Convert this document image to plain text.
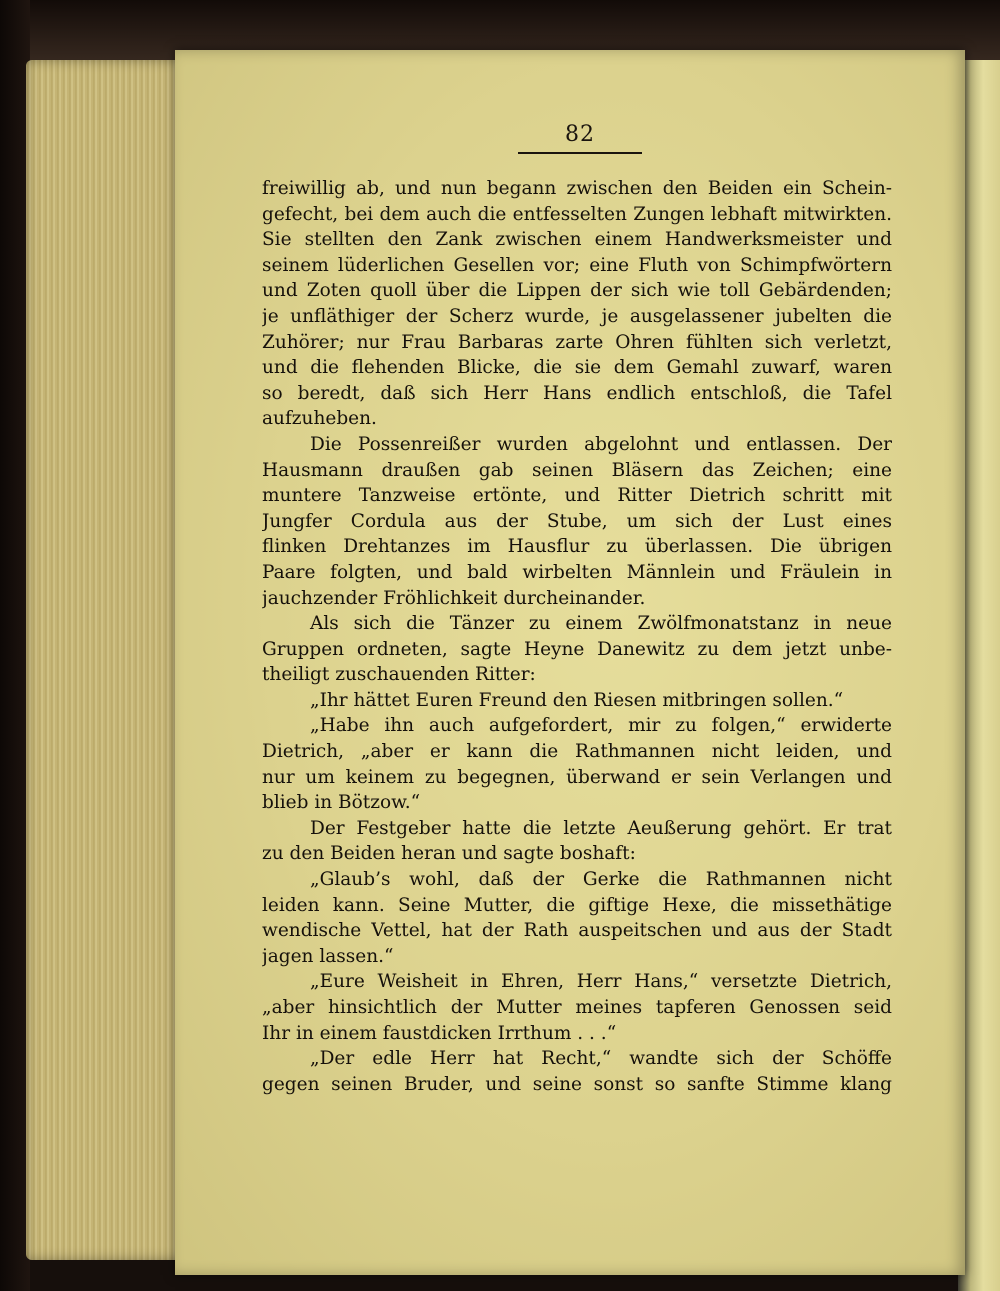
82
freiwillig ab, und nun begann zwischen den Beiden ein Schein-
gefecht, bei dem auch die entfesselten Zungen lebhaft mitwirkten.
Sie stellten den Zank zwischen einem Handwerksmeister und
seinem lüderlichen Gesellen vor; eine Fluth von Schimpfwörtern
und Zoten quoll über die Lippen der sich wie toll Gebärdenden;
je unfläthiger der Scherz wurde, je ausgelassener jubelten die
Zuhörer; nur Frau Barbaras zarte Ohren fühlten sich verletzt,
und die flehenden Blicke, die sie dem Gemahl zuwarf, waren
so beredt, daß sich Herr Hans endlich entschloß, die Tafel
aufzuheben.
Die Possenreißer wurden abgelohnt und entlassen. Der
Hausmann draußen gab seinen Bläsern das Zeichen; eine
muntere Tanzweise ertönte, und Ritter Dietrich schritt mit
Jungfer Cordula aus der Stube, um sich der Lust eines
flinken Drehtanzes im Hausflur zu überlassen. Die übrigen
Paare folgten, und bald wirbelten Männlein und Fräulein in
jauchzender Fröhlichkeit durcheinander.
Als sich die Tänzer zu einem Zwölfmonatstanz in neue
Gruppen ordneten, sagte Heyne Danewitz zu dem jetzt unbe-
theiligt zuschauenden Ritter:
„Ihr hättet Euren Freund den Riesen mitbringen sollen.“
„Habe ihn auch aufgefordert, mir zu folgen,“ erwiderte
Dietrich, „aber er kann die Rathmannen nicht leiden, und
nur um keinem zu begegnen, überwand er sein Verlangen und
blieb in Bötzow.“
Der Festgeber hatte die letzte Aeußerung gehört. Er trat
zu den Beiden heran und sagte boshaft:
„Glaub’s wohl, daß der Gerke die Rathmannen nicht
leiden kann. Seine Mutter, die giftige Hexe, die missethätige
wendische Vettel, hat der Rath auspeitschen und aus der Stadt
jagen lassen.“
„Eure Weisheit in Ehren, Herr Hans,“ versetzte Dietrich,
„aber hinsichtlich der Mutter meines tapferen Genossen seid
Ihr in einem faustdicken Irrthum . . .“
„Der edle Herr hat Recht,“ wandte sich der Schöffe
gegen seinen Bruder, und seine sonst so sanfte Stimme klang
